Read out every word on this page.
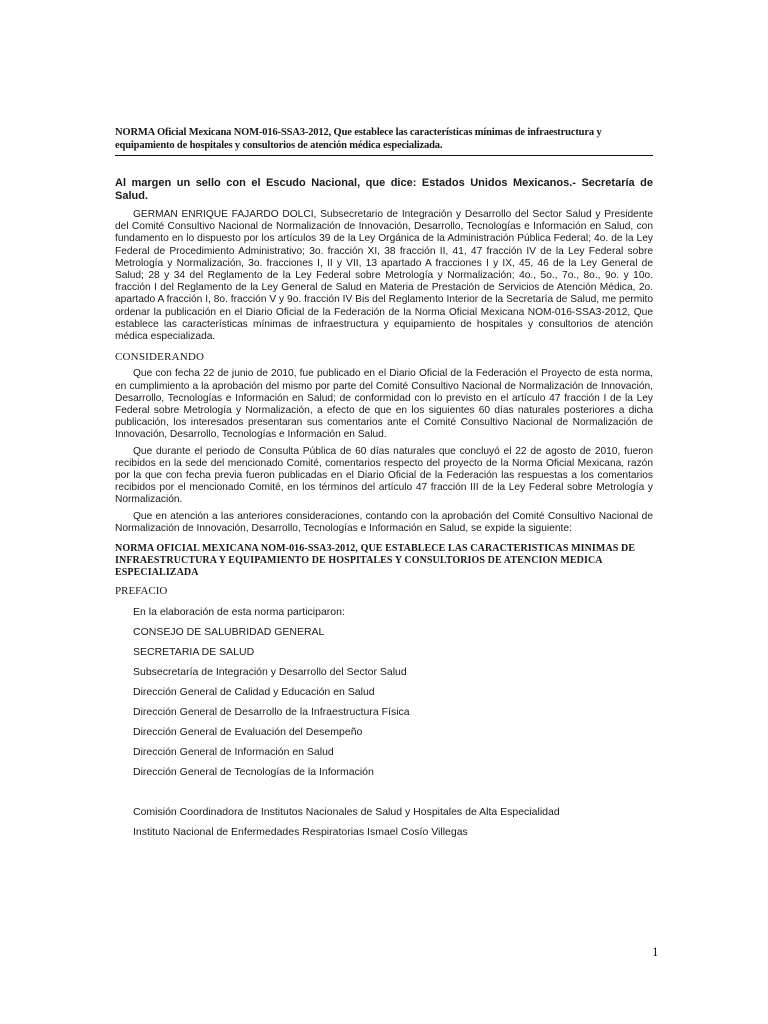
NORMA Oficial Mexicana NOM-016-SSA3-2012, Que establece las características mínimas de infraestructura y equipamiento de hospitales y consultorios de atención médica especializada.
Al margen un sello con el Escudo Nacional, que dice: Estados Unidos Mexicanos.- Secretaría de Salud.

GERMAN ENRIQUE FAJARDO DOLCI, Subsecretario de Integración y Desarrollo del Sector Salud y Presidente del Comité Consultivo Nacional de Normalización de Innovación, Desarrollo, Tecnologías e Información en Salud, con fundamento en lo dispuesto por los artículos 39 de la Ley Orgánica de la Administración Pública Federal; 4o. de la Ley Federal de Procedimiento Administrativo; 3o. fracción XI, 38 fracción II, 41, 47 fracción IV de la Ley Federal sobre Metrología y Normalización, 3o. fracciones I, II y VII, 13 apartado A fracciones I y IX, 45, 46 de la Ley General de Salud; 28 y 34 del Reglamento de la Ley Federal sobre Metrología y Normalización; 4o., 5o., 7o., 8o., 9o. y 10o. fracción I del Reglamento de la Ley General de Salud en Materia de Prestación de Servicios de Atención Médica, 2o. apartado A fracción I, 8o. fracción V y 9o. fracción IV Bis del Reglamento Interior de la Secretaría de Salud, me permito ordenar la publicación en el Diario Oficial de la Federación de la Norma Oficial Mexicana NOM-016-SSA3-2012, Que establece las características mínimas de infraestructura y equipamiento de hospitales y consultorios de atención médica especializada.

CONSIDERANDO

Que con fecha 22 de junio de 2010, fue publicado en el Diario Oficial de la Federación el Proyecto de esta norma, en cumplimiento a la aprobación del mismo por parte del Comité Consultivo Nacional de Normalización de Innovación, Desarrollo, Tecnologías e Información en Salud; de conformidad con lo previsto en el artículo 47 fracción I de la Ley Federal sobre Metrología y Normalización, a efecto de que en los siguientes 60 días naturales posteriores a dicha publicación, los interesados presentaran sus comentarios ante el Comité Consultivo Nacional de Normalización de Innovación, Desarrollo, Tecnologías e Información en Salud.

Que durante el periodo de Consulta Pública de 60 días naturales que concluyó el 22 de agosto de 2010, fueron recibidos en la sede del mencionado Comité, comentarios respecto del proyecto de la Norma Oficial Mexicana, razón por la que con fecha previa fueron publicadas en el Diario Oficial de la Federación las respuestas a los comentarios recibidos por el mencionado Comité, en los términos del artículo 47 fracción III de la Ley Federal sobre Metrología y Normalización.

Que en atención a las anteriores consideraciones, contando con la aprobación del Comité Consultivo Nacional de Normalización de Innovación, Desarrollo, Tecnologías e Información en Salud, se expide la siguiente:

NORMA OFICIAL MEXICANA NOM-016-SSA3-2012, QUE ESTABLECE LAS CARACTERISTICAS MINIMAS DE INFRAESTRUCTURA Y EQUIPAMIENTO DE HOSPITALES Y CONSULTORIOS DE ATENCION MEDICA ESPECIALIZADA
PREFACIO
En la elaboración de esta norma participaron:
CONSEJO DE SALUBRIDAD GENERAL
SECRETARIA DE SALUD
Subsecretaría de Integración y Desarrollo del Sector Salud
Dirección General de Calidad y Educación en Salud
Dirección General de Desarrollo de la Infraestructura Física
Dirección General de Evaluación del Desempeño
Dirección General de Información en Salud
Dirección General de Tecnologías de la Información
Comisión Coordinadora de Institutos Nacionales de Salud y Hospitales de Alta Especialidad
Instituto Nacional de Enfermedades Respiratorias Ismael Cosío Villegas
1
